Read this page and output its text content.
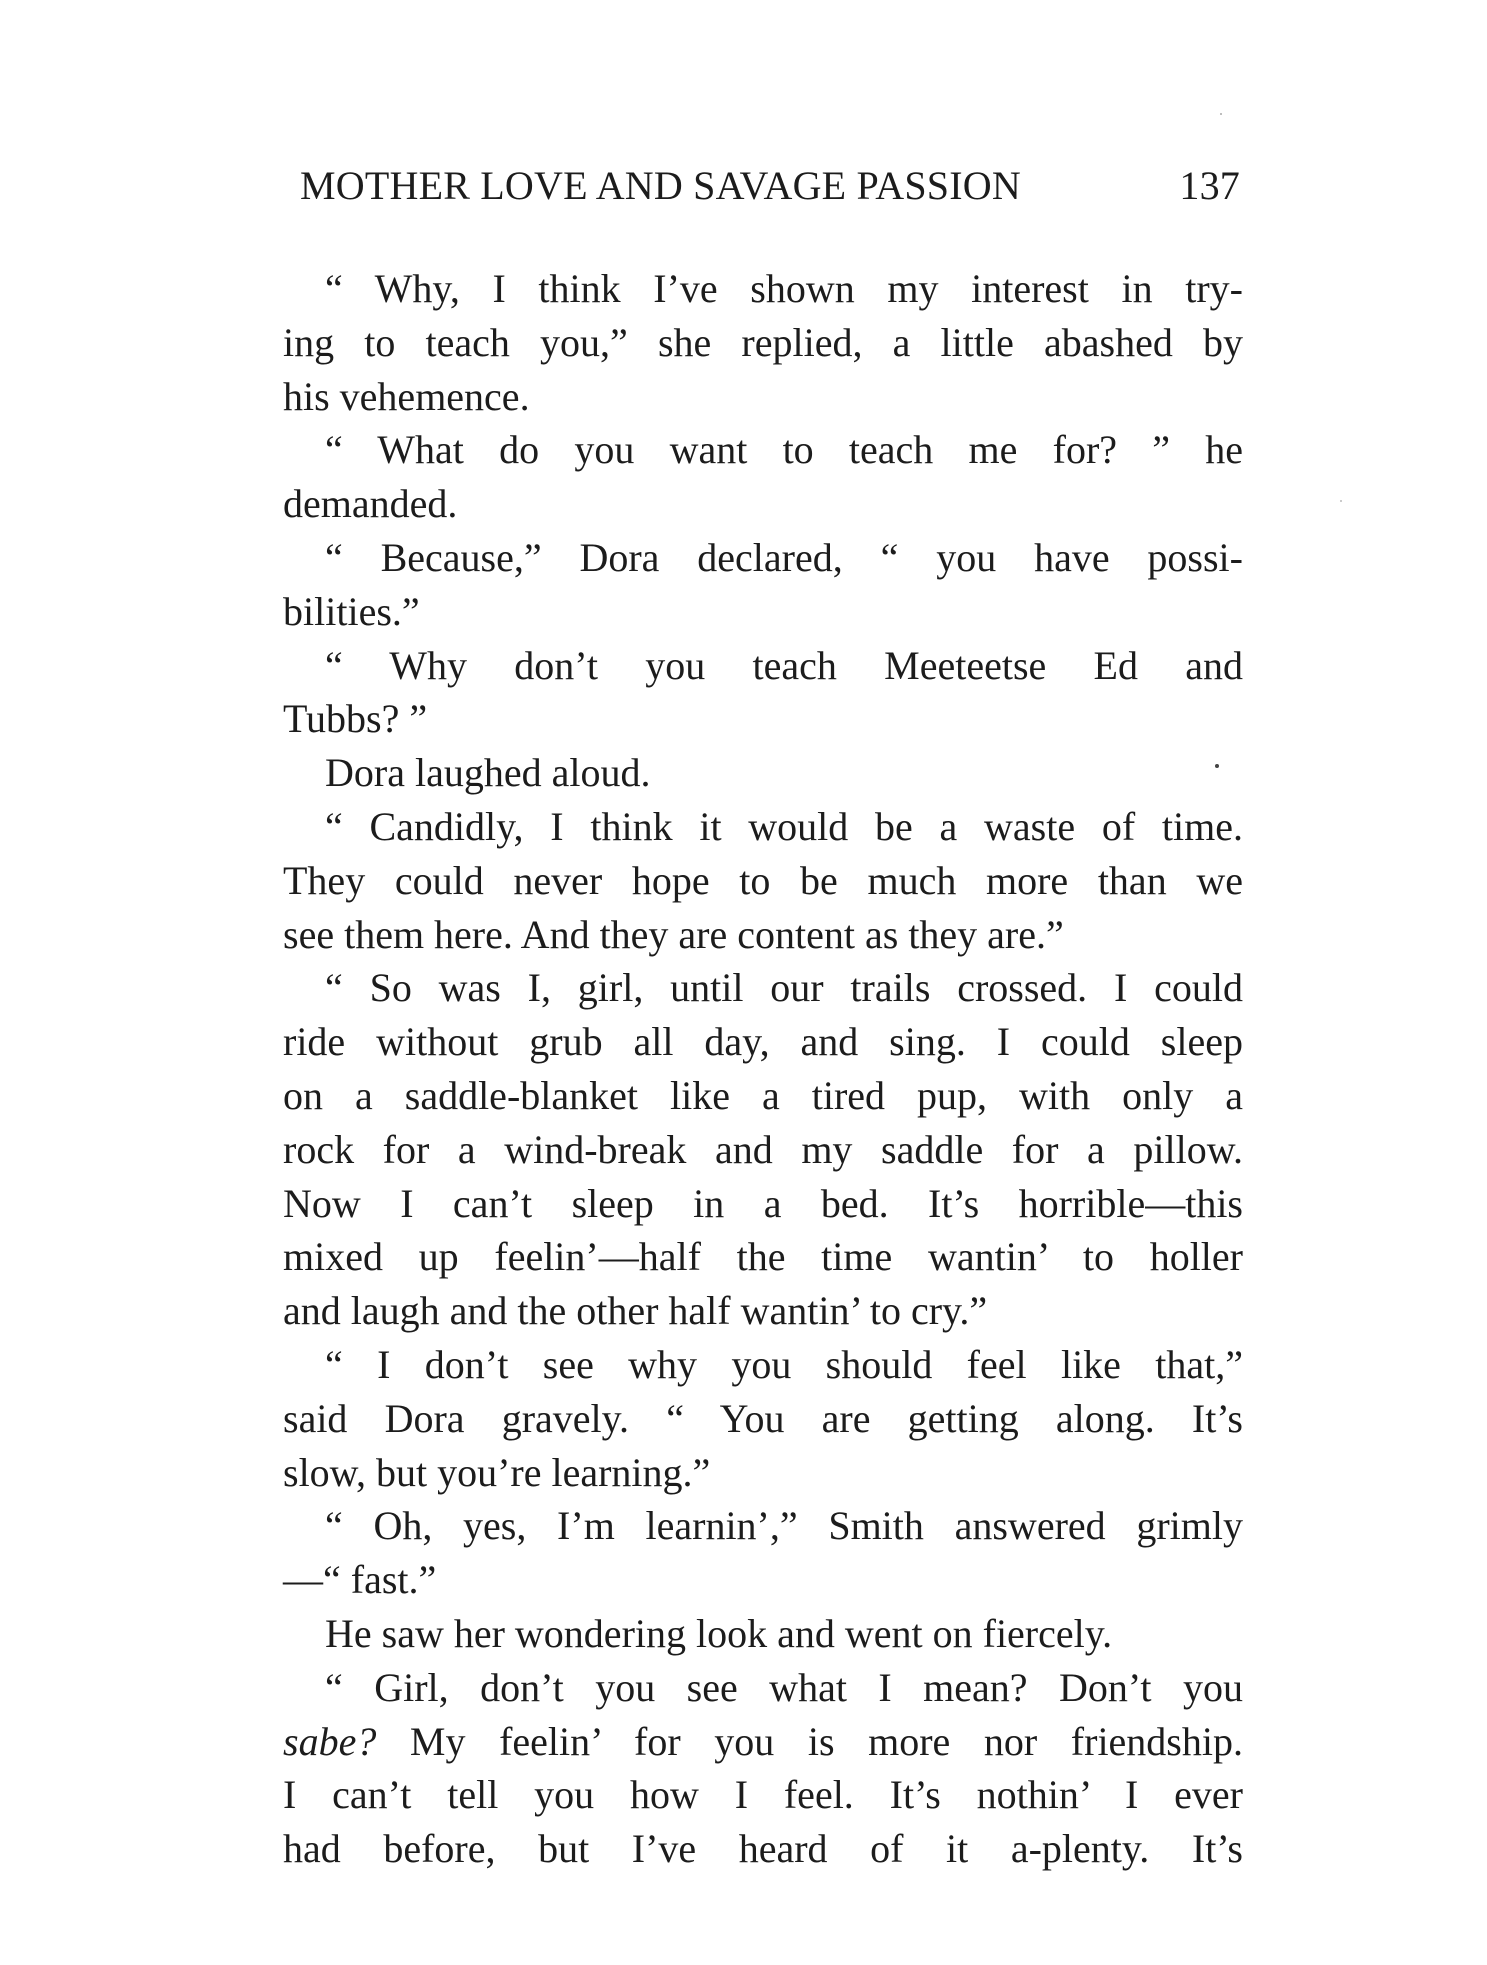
MOTHER LOVE AND SAVAGE PASSION	137
“ Why, I think I’ve shown my interest in try-
ing to teach you,” she replied, a little abashed by
his vehemence.
“ What do you want to teach me for? ” he
demanded.
“ Because,” Dora declared, “ you have possi-
bilities.”
“ Why don’t you teach Meeteetse Ed and
Tubbs? ”
Dora laughed aloud.
“ Candidly, I think it would be a waste of time.
They could never hope to be much more than we
see them here. And they are content as they are.”
“ So was I, girl, until our trails crossed. I could
ride without grub all day, and sing. I could sleep
on a saddle-blanket like a tired pup, with only a
rock for a wind-break and my saddle for a pillow.
Now I can’t sleep in a bed. It’s horrible—this
mixed up feelin’—half the time wantin’ to holler
and laugh and the other half wantin’ to cry.”
“ I don’t see why you should feel like that,”
said Dora gravely. “ You are getting along. It’s
slow, but you’re learning.”
“ Oh, yes, I’m learnin’,” Smith answered grimly
—“ fast.”
He saw her wondering look and went on fiercely.
“ Girl, don’t you see what I mean? Don’t you
sabe? My feelin’ for you is more nor friendship.
I can’t tell you how I feel. It’s nothin’ I ever
had before, but I’ve heard of it a-plenty. It’s
